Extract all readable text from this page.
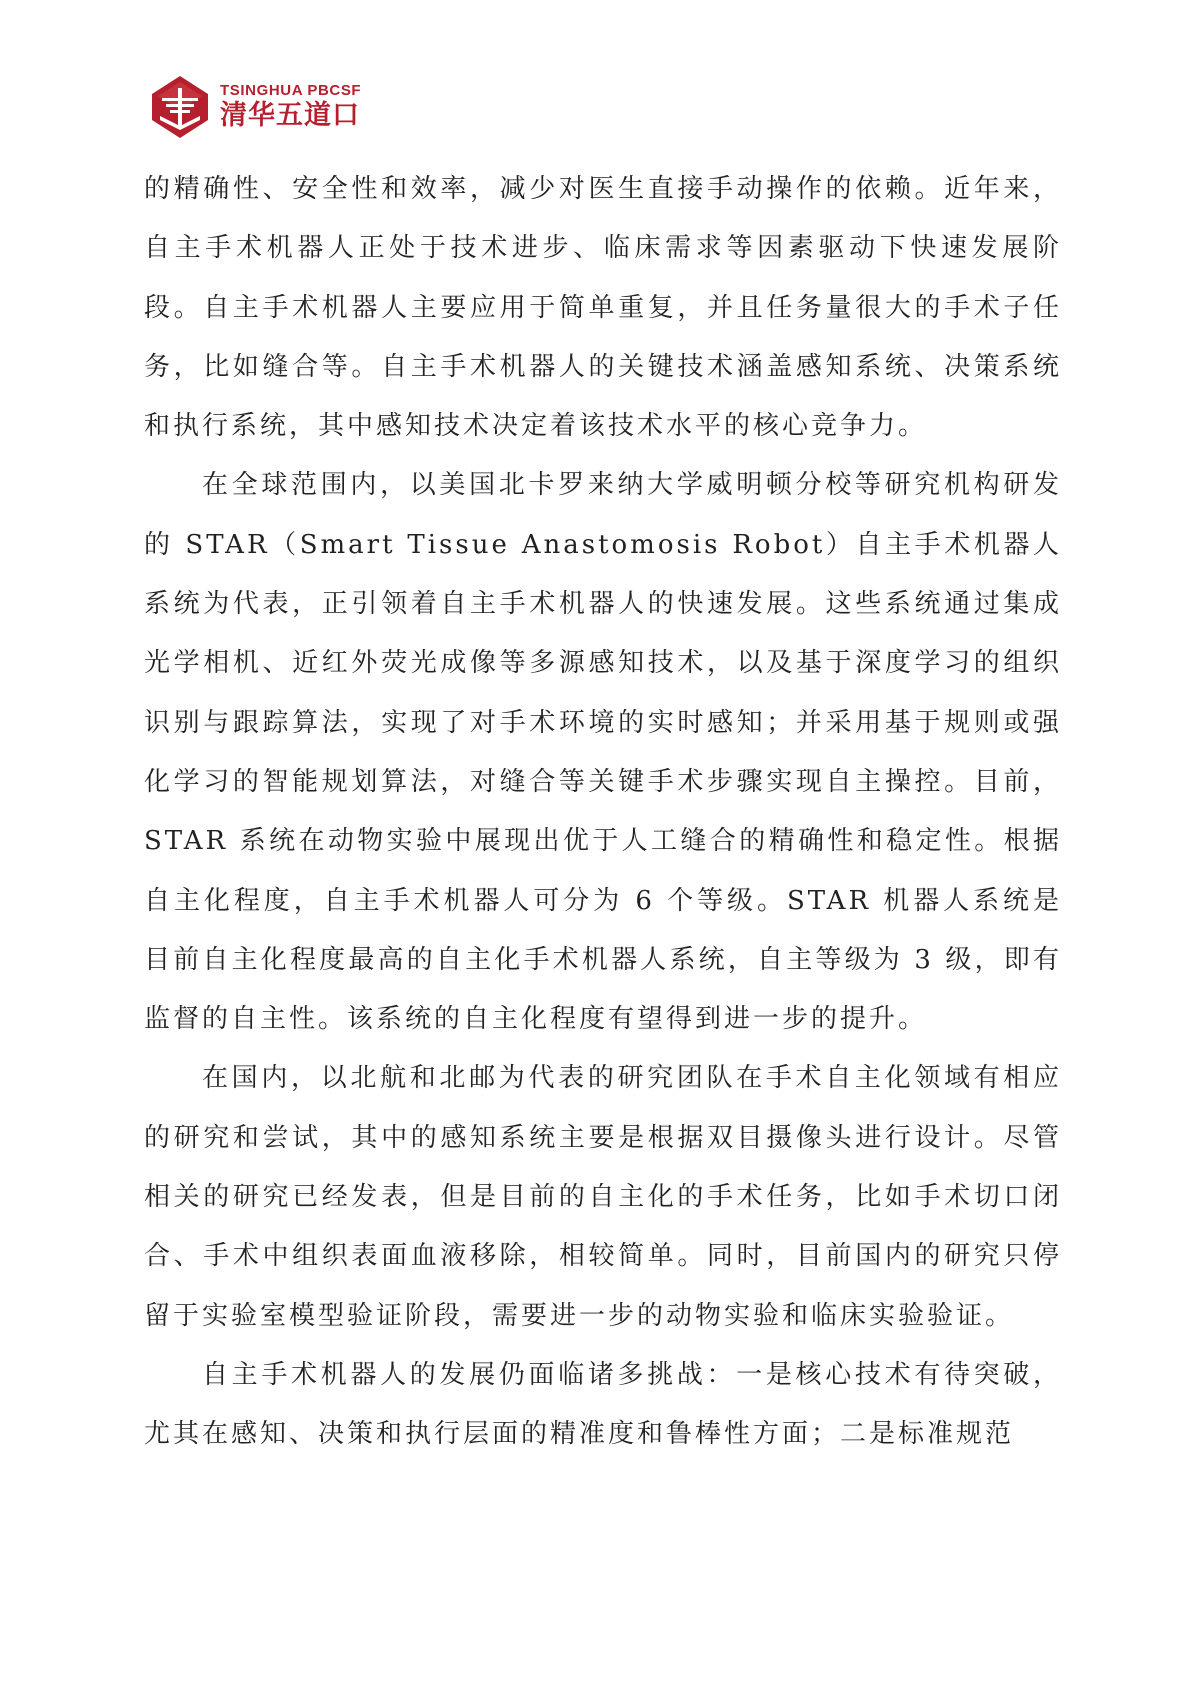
TSINGHUA PBCSF
清华五道口

的精确性、安全性和效率，减少对医生直接手动操作的依赖。近年来，自主手术机器人正处于技术进步、临床需求等因素驱动下快速发展阶段。自主手术机器人主要应用于简单重复，并且任务量很大的手术子任务，比如缝合等。自主手术机器人的关键技术涵盖感知系统、决策系统和执行系统，其中感知技术决定着该技术水平的核心竞争力。

在全球范围内，以美国北卡罗来纳大学威明顿分校等研究机构研发的 STAR（Smart Tissue Anastomosis Robot）自主手术机器人系统为代表，正引领着自主手术机器人的快速发展。这些系统通过集成光学相机、近红外荧光成像等多源感知技术，以及基于深度学习的组织识别与跟踪算法，实现了对手术环境的实时感知；并采用基于规则或强化学习的智能规划算法，对缝合等关键手术步骤实现自主操控。目前，STAR 系统在动物实验中展现出优于人工缝合的精确性和稳定性。根据自主化程度，自主手术机器人可分为 6 个等级。STAR 机器人系统是目前自主化程度最高的自主化手术机器人系统，自主等级为 3 级，即有监督的自主性。该系统的自主化程度有望得到进一步的提升。

在国内，以北航和北邮为代表的研究团队在手术自主化领域有相应的研究和尝试，其中的感知系统主要是根据双目摄像头进行设计。尽管相关的研究已经发表，但是目前的自主化的手术任务，比如手术切口闭合、手术中组织表面血液移除，相较简单。同时，目前国内的研究只停留于实验室模型验证阶段，需要进一步的动物实验和临床实验验证。

自主手术机器人的发展仍面临诸多挑战：一是核心技术有待突破，尤其在感知、决策和执行层面的精准度和鲁棒性方面；二是标准规范
